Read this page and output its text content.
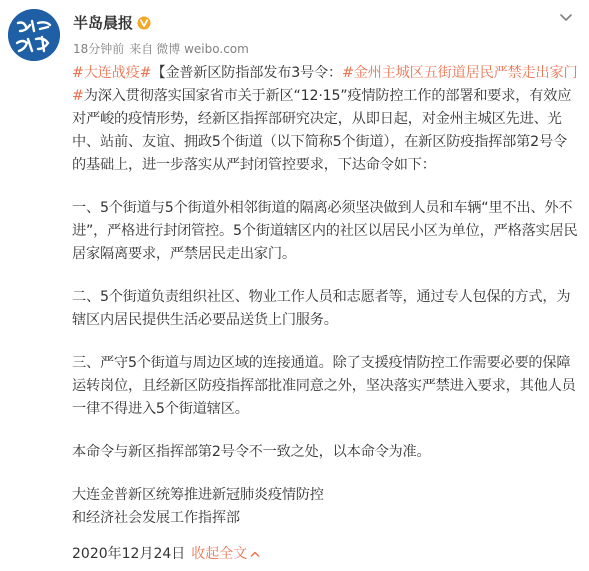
半岛晨报
18分钟前 来自 微博 weibo.com

#大连战疫#【金普新区防指部发布3号令：#金州主城区五街道居民严禁走出家门#为深入贯彻落实国家省市关于新区“12·15”疫情防控工作的部署和要求，有效应对严峻的疫情形势，经新区指挥部研究决定，从即日起，对金州主城区先进、光中、站前、友谊、拥政5个街道（以下简称5个街道），在新区防疫指挥部第2号令的基础上，进一步落实从严封闭管控要求，下达命令如下：

一、5个街道与5个街道外相邻街道的隔离必须坚决做到人员和车辆“里不出、外不进”，严格进行封闭管控。5个街道辖区内的社区以居民小区为单位，严格落实居民居家隔离要求，严禁居民走出家门。

二、5个街道负责组织社区、物业工作人员和志愿者等，通过专人包保的方式，为辖区内居民提供生活必要品送货上门服务。

三、严守5个街道与周边区域的连接通道。除了支援疫情防控工作需要必要的保障运转岗位，且经新区防疫指挥部批准同意之外，坚决落实严禁进入要求，其他人员一律不得进入5个街道辖区。

本命令与新区指挥部第2号令不一致之处，以本命令为准。

大连金普新区统筹推进新冠肺炎疫情防控

和经济社会发展工作指挥部

2020年12月24日 收起全文
